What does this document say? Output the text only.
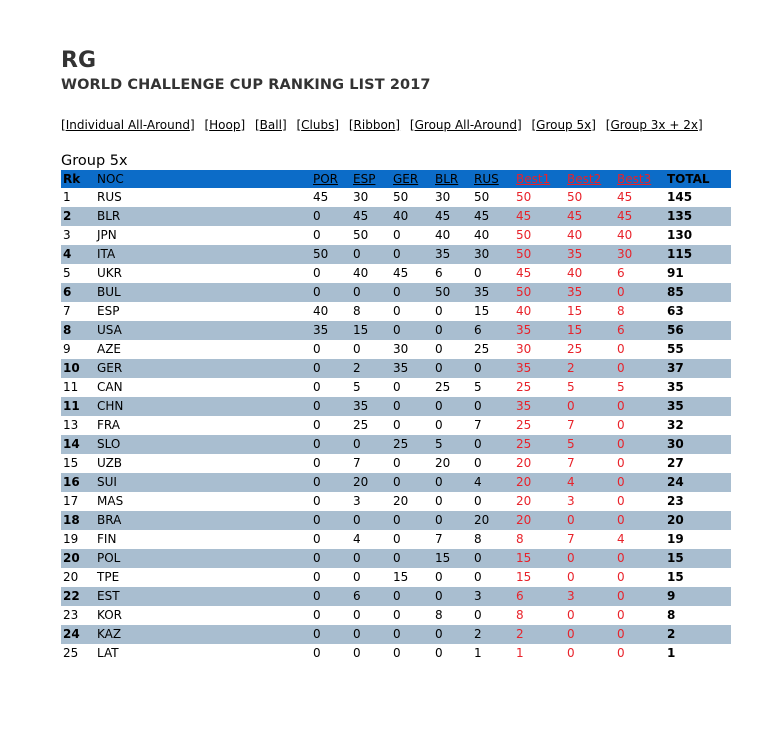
RG
WORLD CHALLENGE CUP RANKING LIST 2017
[Individual All-Around] [Hoop] [Ball] [Clubs] [Ribbon] [Group All-Around] [Group 5x] [Group 3x + 2x]
Group 5x
Rk	NOC	POR	ESP	GER	BLR	RUS	Best1	Best2	Best3	TOTAL
1	RUS	45	30	50	30	50	50	50	45	145
2	BLR	0	45	40	45	45	45	45	45	135
3	JPN	0	50	0	40	40	50	40	40	130
4	ITA	50	0	0	35	30	50	35	30	115
5	UKR	0	40	45	6	0	45	40	6	91
6	BUL	0	0	0	50	35	50	35	0	85
7	ESP	40	8	0	0	15	40	15	8	63
8	USA	35	15	0	0	6	35	15	6	56
9	AZE	0	0	30	0	25	30	25	0	55
10	GER	0	2	35	0	0	35	2	0	37
11	CAN	0	5	0	25	5	25	5	5	35
11	CHN	0	35	0	0	0	35	0	0	35
13	FRA	0	25	0	0	7	25	7	0	32
14	SLO	0	0	25	5	0	25	5	0	30
15	UZB	0	7	0	20	0	20	7	0	27
16	SUI	0	20	0	0	4	20	4	0	24
17	MAS	0	3	20	0	0	20	3	0	23
18	BRA	0	0	0	0	20	20	0	0	20
19	FIN	0	4	0	7	8	8	7	4	19
20	POL	0	0	0	15	0	15	0	0	15
20	TPE	0	0	15	0	0	15	0	0	15
22	EST	0	6	0	0	3	6	3	0	9
23	KOR	0	0	0	8	0	8	0	0	8
24	KAZ	0	0	0	0	2	2	0	0	2
25	LAT	0	0	0	0	1	1	0	0	1
